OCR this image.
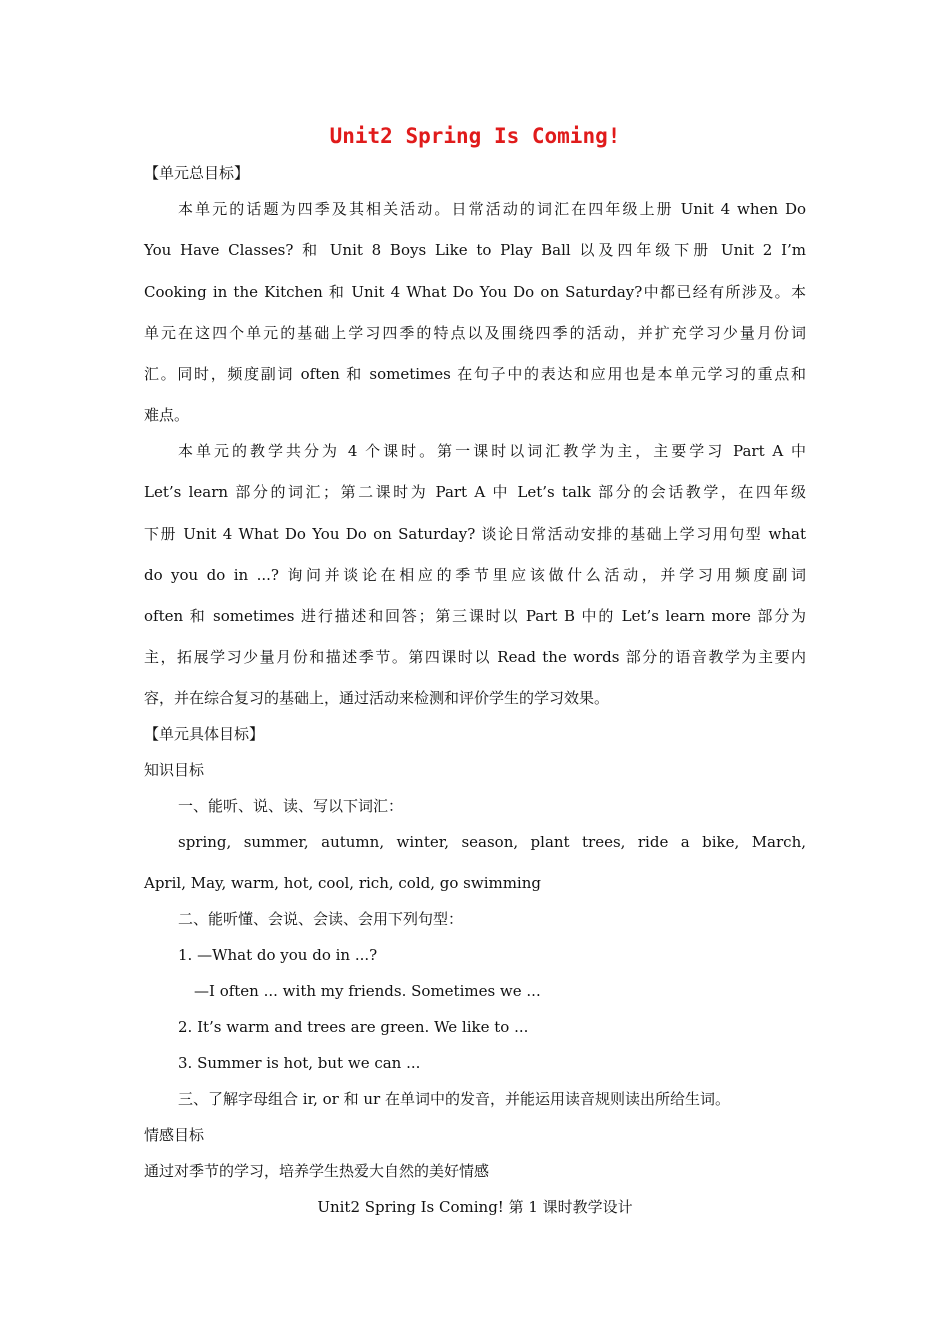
Unit2 Spring Is Coming!
【单元总目标】
本单元的话题为四季及其相关活动。日常活动的词汇在四年级上册 Unit 4 when Do
You Have Classes? 和 Unit 8 Boys Like to Play Ball 以及四年级下册 Unit 2 I’m
Cooking in the Kitchen 和 Unit 4 What Do You Do on Saturday?中都已经有所涉及。本
单元在这四个单元的基础上学习四季的特点以及围绕四季的活动，并扩充学习少量月份词
汇。同时，频度副词 often 和 sometimes 在句子中的表达和应用也是本单元学习的重点和
难点。
本单元的教学共分为 4 个课时。第一课时以词汇教学为主，主要学习 Part A 中
Let’s learn 部分的词汇；第二课时为 Part A 中 Let’s talk 部分的会话教学，在四年级
下册 Unit 4 What Do You Do on Saturday? 谈论日常活动安排的基础上学习用句型 what
do you do in ...? 询问并谈论在相应的季节里应该做什么活动，并学习用频度副词
often 和 sometimes 进行描述和回答；第三课时以 Part B 中的 Let’s learn more 部分为
主，拓展学习少量月份和描述季节。第四课时以 Read the words 部分的语音教学为主要内
容，并在综合复习的基础上，通过活动来检测和评价学生的学习效果。
【单元具体目标】
知识目标
一、能听、说、读、写以下词汇：
spring, summer, autumn, winter, season, plant trees, ride a bike, March,
April, May, warm, hot, cool, rich, cold, go swimming
二、能听懂、会说、会读、会用下列句型：
1. —What do you do in ...?
—I often ... with my friends. Sometimes we ...
2. It’s warm and trees are green. We like to ...
3. Summer is hot, but we can ...
三、了解字母组合 ir, or 和 ur 在单词中的发音，并能运用读音规则读出所给生词。
情感目标
通过对季节的学习，培养学生热爱大自然的美好情感
Unit2 Spring Is Coming! 第 1 课时教学设计
